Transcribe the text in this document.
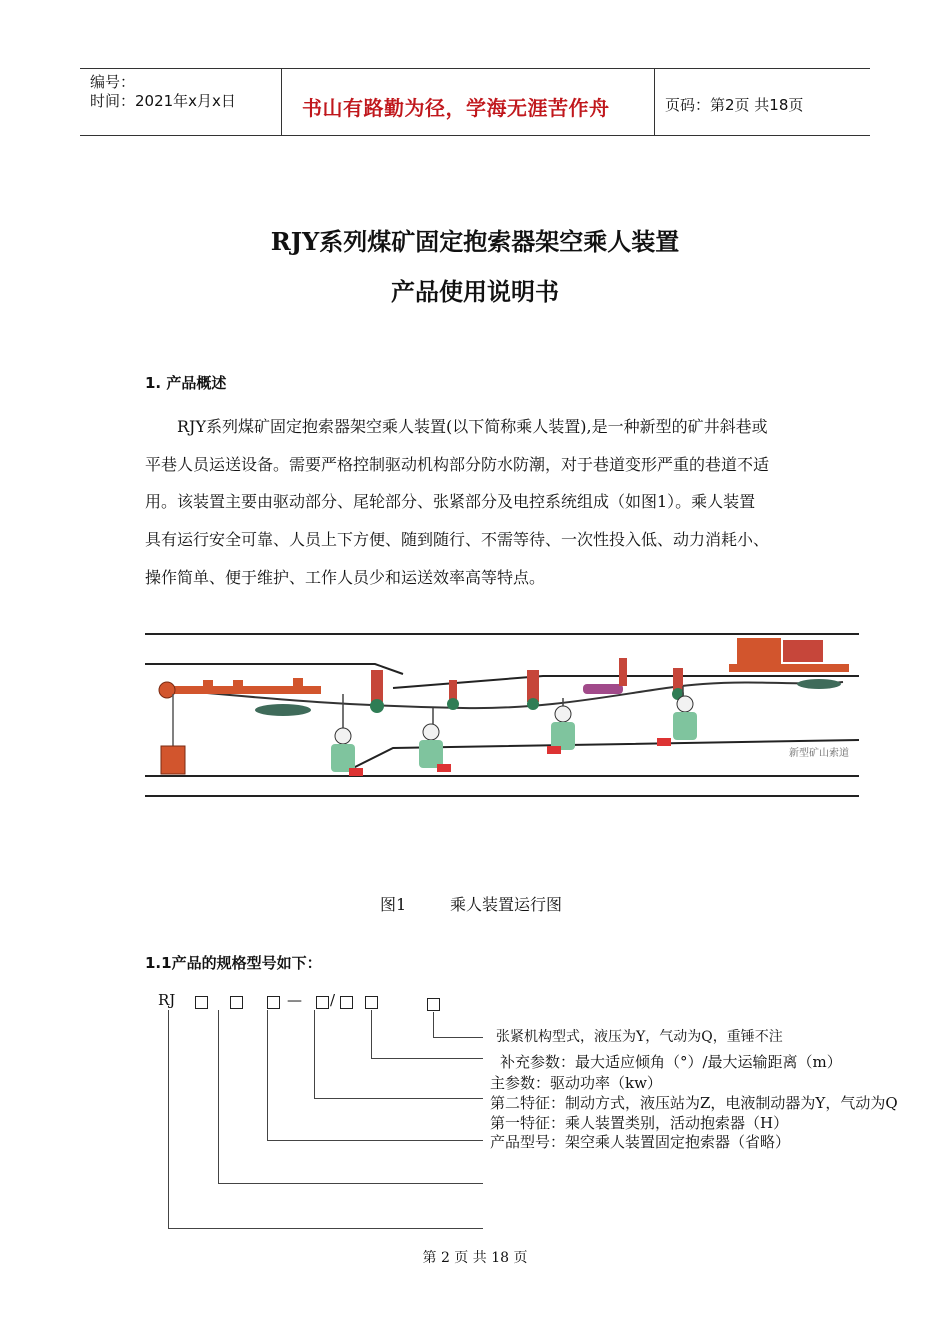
编号：
时间：2021年x月x日	书山有路勤为径，学海无涯苦作舟	页码：第2页 共18页
RJY系列煤矿固定抱索器架空乘人装置
产品使用说明书
1. 产品概述
RJY系列煤矿固定抱索器架空乘人装置(以下简称乘人装置),是一种新型的矿井斜巷或
平巷人员运送设备。需要严格控制驱动机构部分防水防潮，对于巷道变形严重的巷道不适
用。该装置主要由驱动部分、尾轮部分、张紧部分及电控系统组成（如图1）。乘人装置
具有运行安全可靠、人员上下方便、随到随行、不需等待、一次性投入低、动力消耗小、
操作简单、便于维护、工作人员少和运送效率高等特点。
新型矿山索道
图1	乘人装置运行图
1.1产品的规格型号如下：
RJ	— /
张紧机构型式，液压为Y，气动为Q，重锤不注
补充参数：最大适应倾角（°）/最大运输距离（m）
主参数：驱动功率（kw）
第二特征：制动方式，液压站为Z，电液制动器为Y，气动为Q
第一特征：乘人装置类别，活动抱索器（H）
产品型号：架空乘人装置固定抱索器（省略）
第 2 页 共 18 页
